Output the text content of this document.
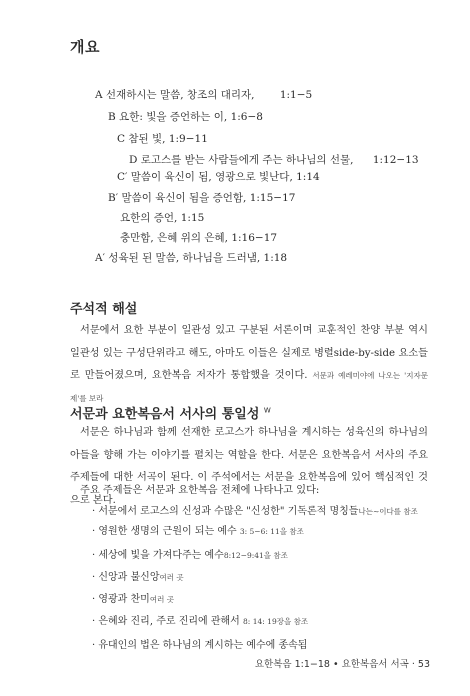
개요
A 선재하시는 말씀, 창조의 대리자, 1:1−5
B 요한: 빛을 증언하는 이, 1:6−8
C 참된 빛, 1:9−11
D 로고스를 받는 사람들에게 주는 하나님의 선물, 1:12−13
C′ 말씀이 육신이 됨, 영광으로 빛난다, 1:14
B′ 말씀이 육신이 됨을 증언함, 1:15−17
요한의 증언, 1:15
충만함, 은혜 위의 은혜, 1:16−17
A′ 성육된 된 말씀, 하나님을 드러냄, 1:18
주석적 해설
서문에서 요한 부분이 일관성 있고 구분된 서론이며 교훈적인 찬양 부분 역시 일관성 있는 구성단위라고 해도, 아마도 이들은 실제로 병렬side-by-side 요소들로 만들어졌으며, 요한복음 저자가 통합했을 것이다. 서문과 예레미야에 나오는 '지자문제'를 보라
서문과 요한복음서 서사의 통일성 $^W$
서문은 하나님과 함께 선재한 로고스가 하나님을 계시하는 성육신의 하나님의 아들을 향해 가는 이야기를 펼치는 역할을 한다. 서문은 요한복음서 서사의 주요 주제들에 대한 서곡이 된다. 이 주석에서는 서문을 요한복음에 있어 핵심적인 것으로 본다.
주요 주제들은 서문과 요한복음 전체에 나타나고 있다:
· 서문에서 로고스의 신성과 수많은 "신성한" 기독론적 명칭들나는∼이다를 참조
· 영원한 생명의 근원이 되는 예수 3: 5−6: 11을 참조
· 세상에 빛을 가져다주는 예수8:12−9:41을 참조
· 신앙과 불신앙여러 곳
· 영광과 찬미여러 곳
· 은혜와 진리, 주로 진리에 관해서 8: 14: 19장을 참조
· 유대인의 법은 하나님의 계시하는 예수에 종속됨
요한복음 1:1−18 • 요한복음서 서곡 · 53
